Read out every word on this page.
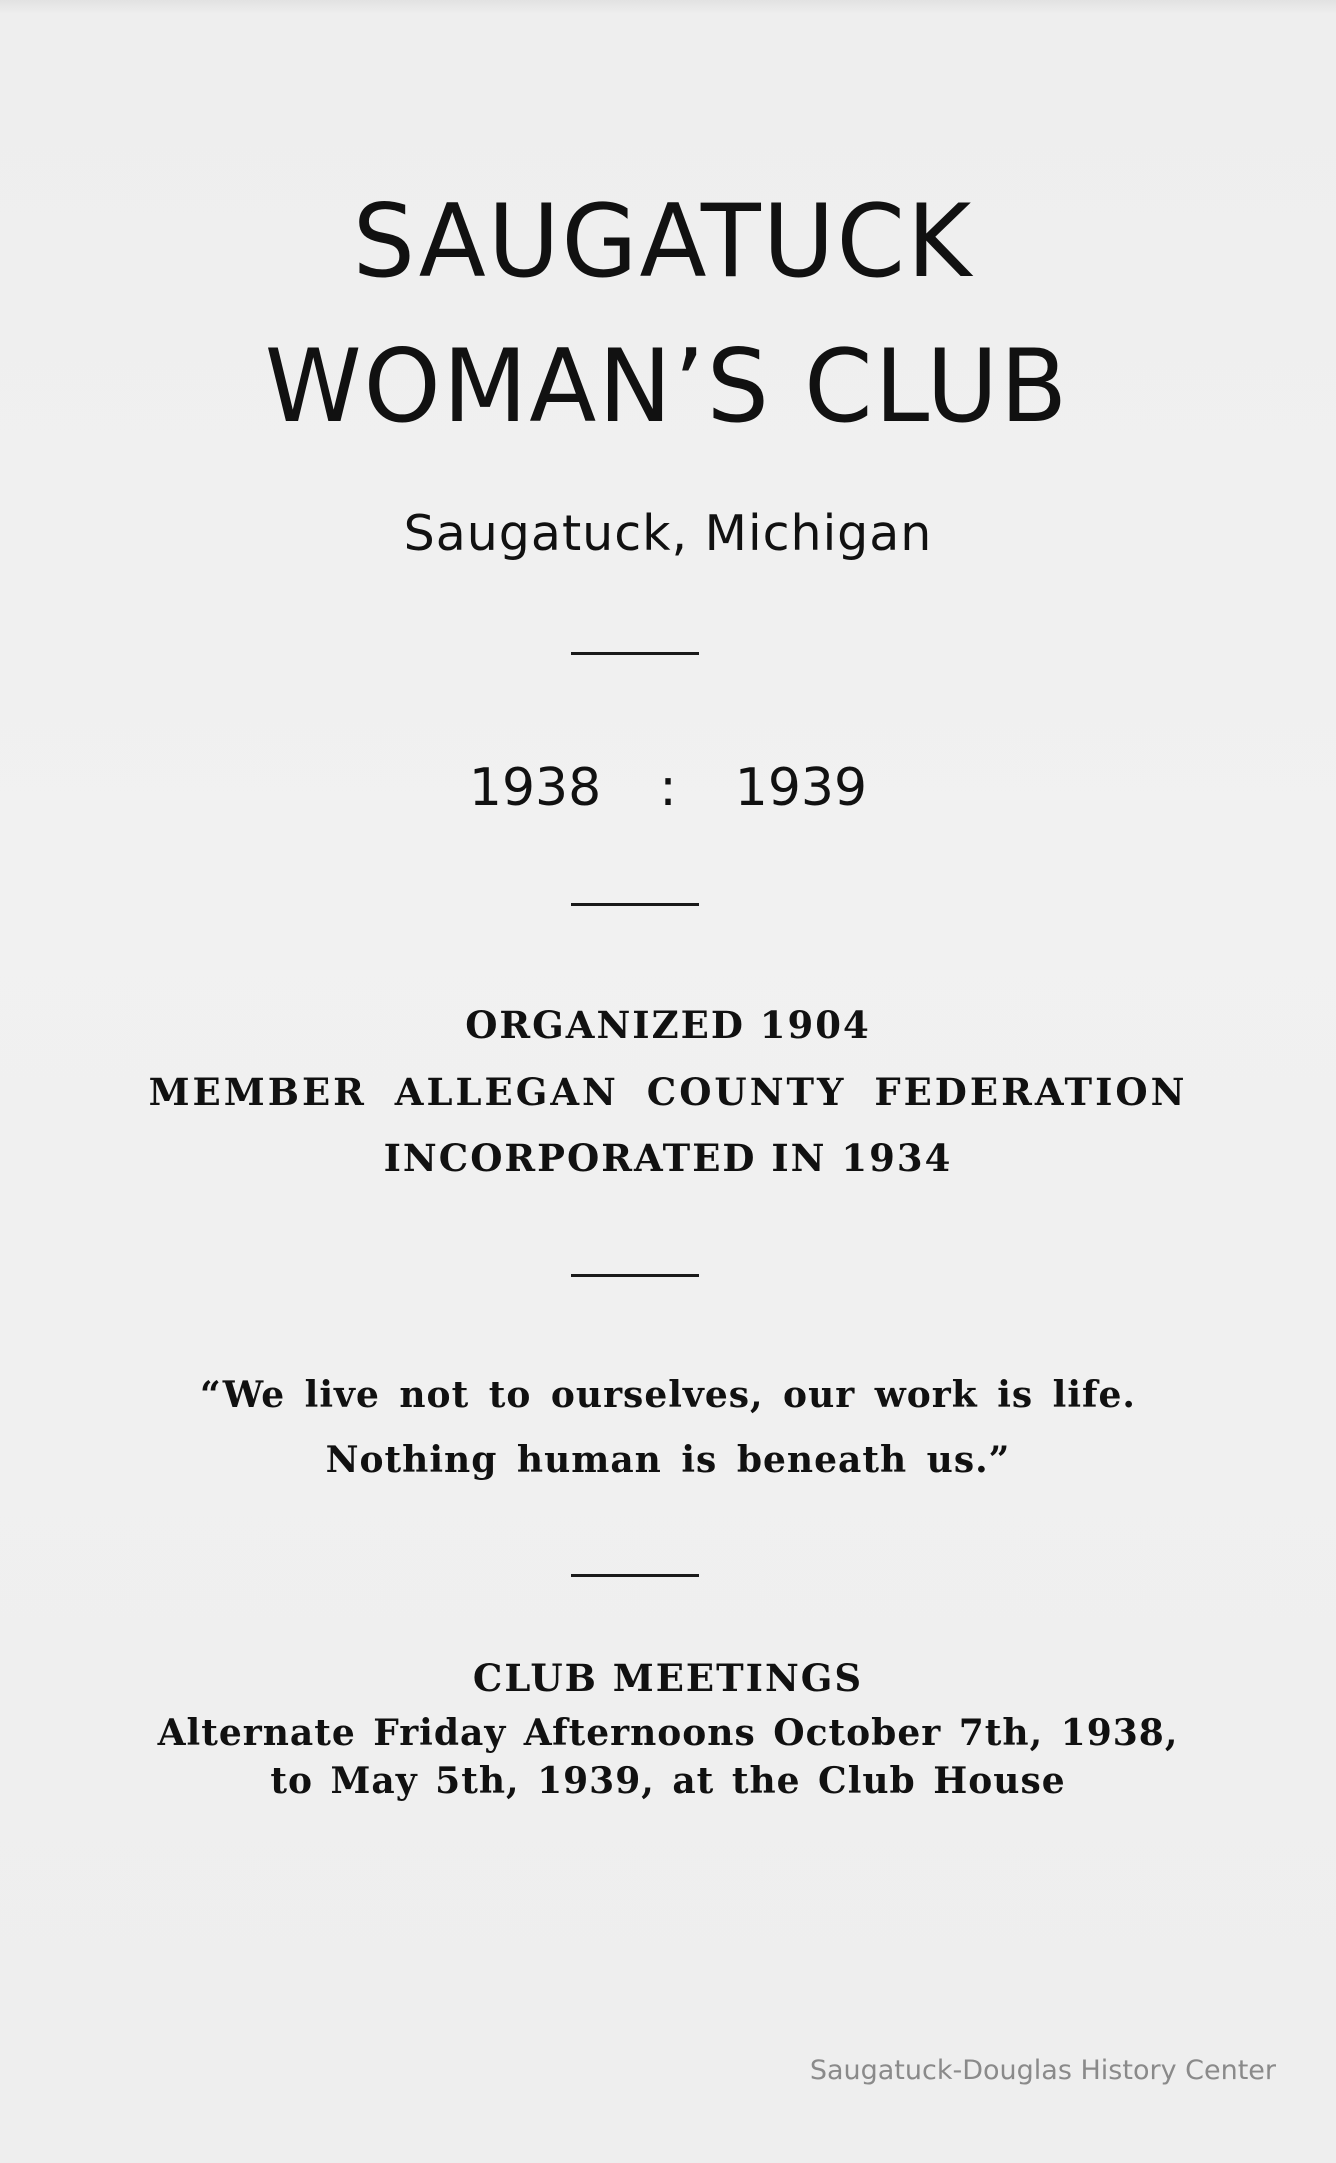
SAUGATUCK
WOMAN’S CLUB

Saugatuck, Michigan

1938 : 1939

ORGANIZED 1904

MEMBER ALLEGAN COUNTY FEDERATION

INCORPORATED IN 1934

“We live not to ourselves, our work is life.

Nothing human is beneath us.”

CLUB MEETINGS

Alternate Friday Afternoons October 7th, 1938,

to May 5th, 1939, at the Club House

Saugatuck-Douglas History Center
